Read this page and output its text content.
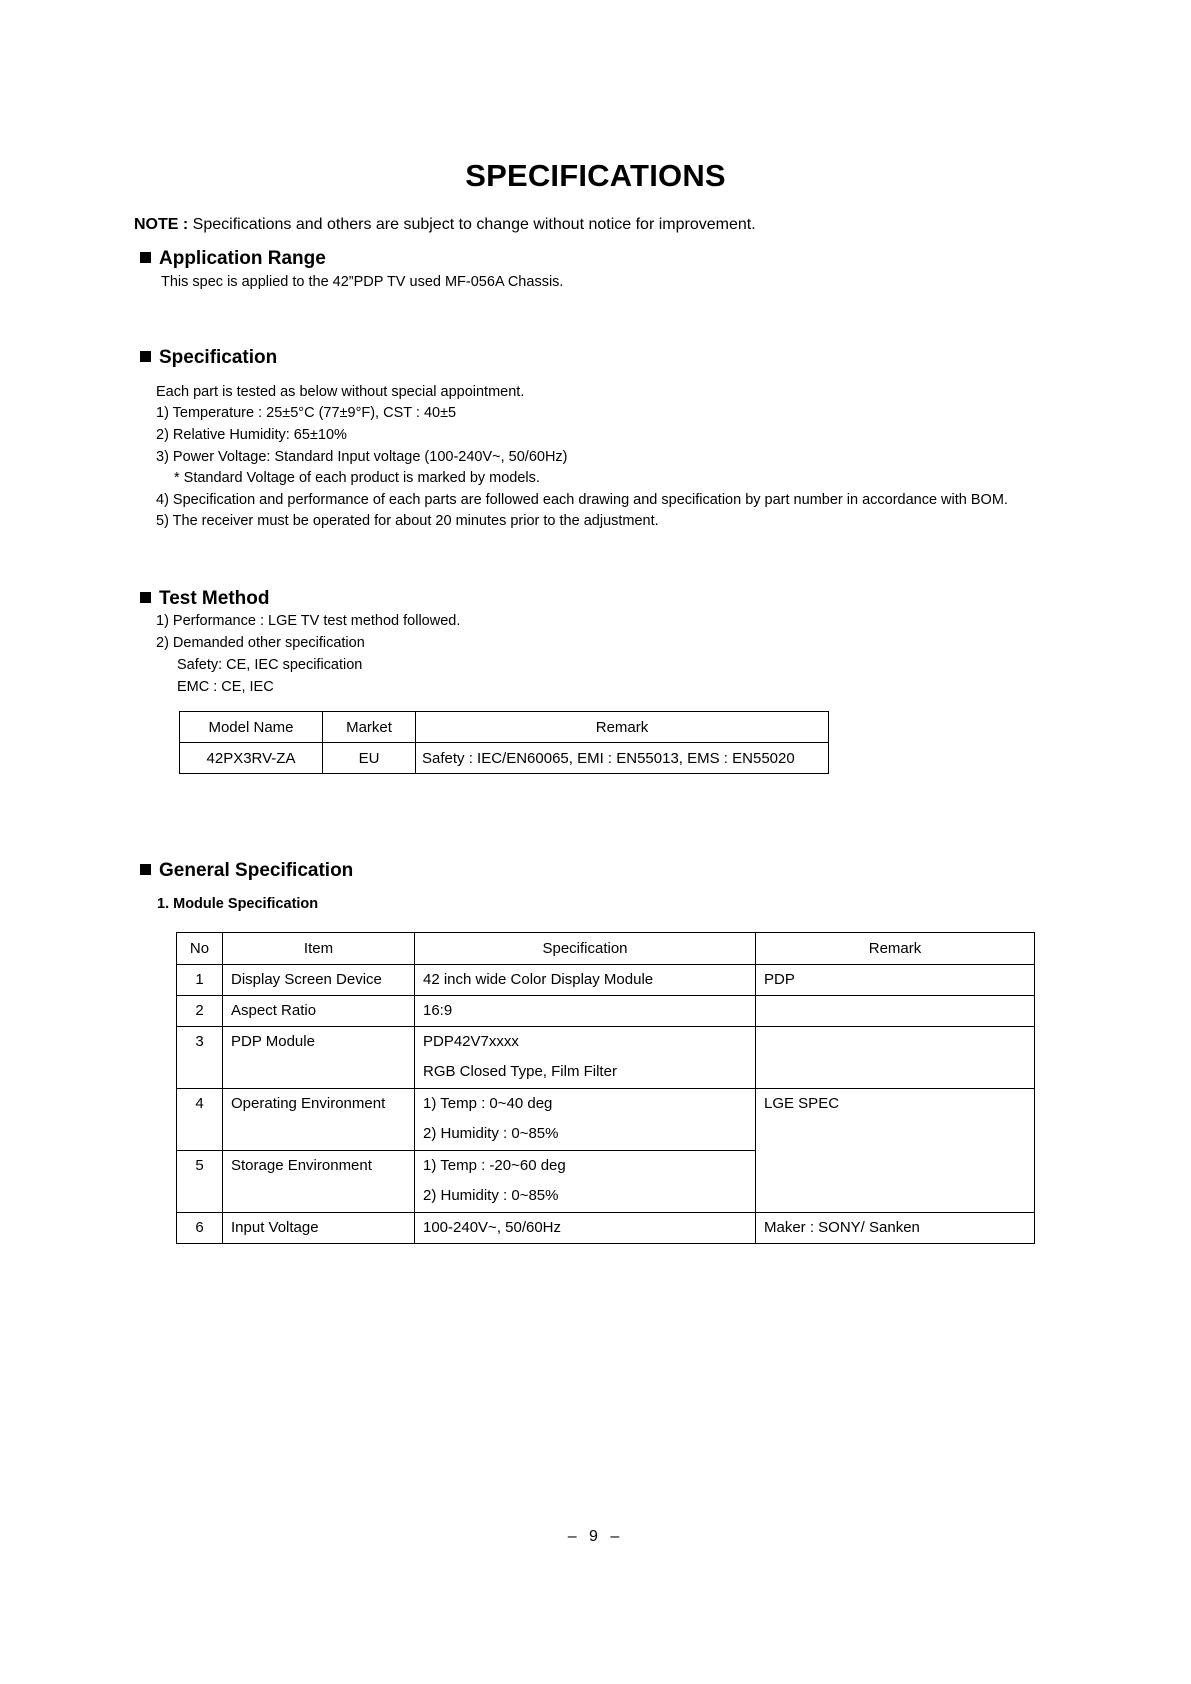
SPECIFICATIONS
NOTE : Specifications and others are subject to change without notice for improvement.
Application Range
This spec is applied to the 42”PDP TV used MF-056A Chassis.
Specification
Each part is tested as below without special appointment.
1) Temperature : 25±5°C (77±9°F), CST : 40±5
2) Relative Humidity: 65±10%
3) Power Voltage: Standard Input voltage (100-240V~, 50/60Hz)
* Standard Voltage of each product is marked by models.
4) Specification and performance of each parts are followed each drawing and specification by part number in accordance with BOM.
5) The receiver must be operated for about 20 minutes prior to the adjustment.
Test Method
1) Performance : LGE TV test method followed.
2) Demanded other specification
Safety: CE, IEC specification
EMC : CE, IEC
Model Name	Market	Remark
42PX3RV-ZA	EU	Safety : IEC/EN60065, EMI : EN55013, EMS : EN55020
General Specification
1. Module Specification
No	Item	Specification	Remark
1	Display Screen Device	42 inch wide Color Display Module	PDP
2	Aspect Ratio	16:9	

3	PDP Module	PDP42V7xxxx
RGB Closed Type, Film Filter	

4	Operating Environment	1) Temp : 0~40 deg
2) Humidity : 0~85%	LGE SPEC

5	Storage Environment	1) Temp : -20~60 deg
2) Humidity : 0~85%	

6	Input Voltage	100-240V~, 50/60Hz	Maker : SONY/ Sanken
– 9 –
